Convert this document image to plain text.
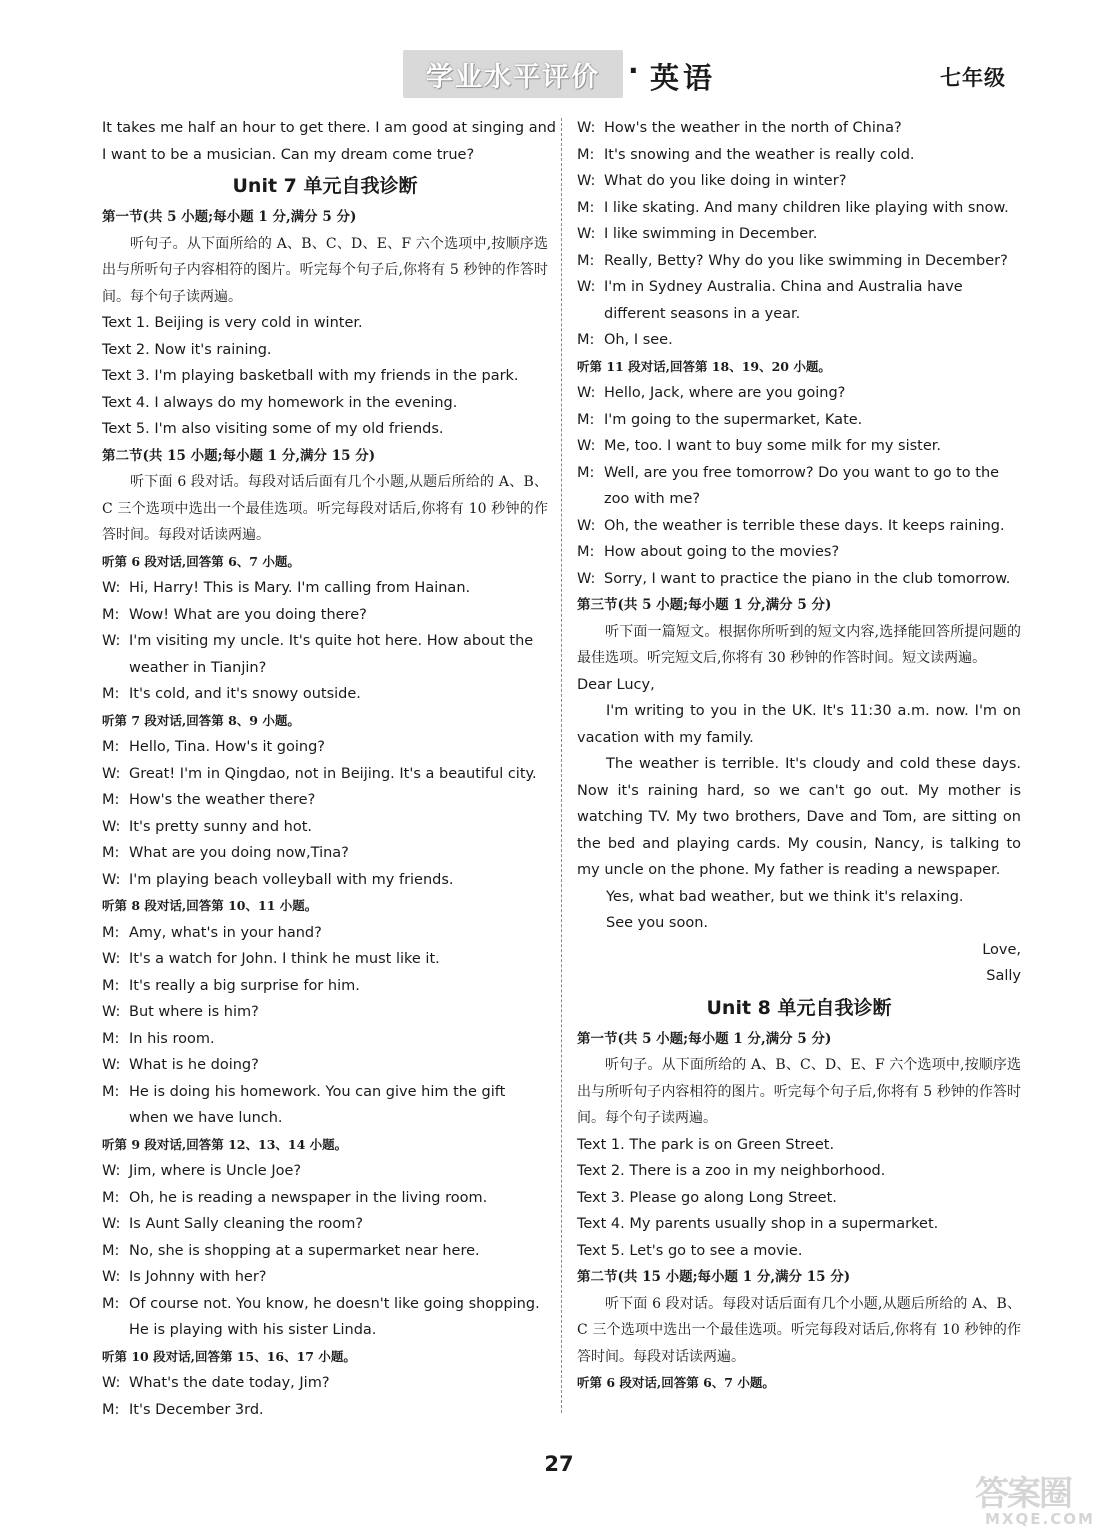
学业水平评价	· 英语	七年级
It takes me half an hour to get there. I am good at singing and
I want to be a musician. Can my dream come true?
Unit 7 单元自我诊断
第一节(共 5 小题;每小题 1 分,满分 5 分)
听句子。从下面所给的 A、B、C、D、E、F 六个选项中,按顺序选出与所听句子内容相符的图片。听完每个句子后,你将有 5 秒钟的作答时间。每个句子读两遍。
Text 1. Beijing is very cold in winter.
Text 2. Now it's raining.
Text 3. I'm playing basketball with my friends in the park.
Text 4. I always do my homework in the evening.
Text 5. I'm also visiting some of my old friends.
第二节(共 15 小题;每小题 1 分,满分 15 分)
听下面 6 段对话。每段对话后面有几个小题,从题后所给的 A、B、C 三个选项中选出一个最佳选项。听完每段对话后,你将有 10 秒钟的作答时间。每段对话读两遍。
听第 6 段对话,回答第 6、7 小题。
W: Hi, Harry! This is Mary. I'm calling from Hainan.
M: Wow! What are you doing there?
W: I'm visiting my uncle. It's quite hot here. How about the weather in Tianjin?
M: It's cold, and it's snowy outside.
听第 7 段对话,回答第 8、9 小题。
M: Hello, Tina. How's it going?
W: Great! I'm in Qingdao, not in Beijing. It's a beautiful city.
M: How's the weather there?
W: It's pretty sunny and hot.
M: What are you doing now,Tina?
W: I'm playing beach volleyball with my friends.
听第 8 段对话,回答第 10、11 小题。
M: Amy, what's in your hand?
W: It's a watch for John. I think he must like it.
M: It's really a big surprise for him.
W: But where is him?
M: In his room.
W: What is he doing?
M: He is doing his homework. You can give him the gift when we have lunch.
听第 9 段对话,回答第 12、13、14 小题。
W: Jim, where is Uncle Joe?
M: Oh, he is reading a newspaper in the living room.
W: Is Aunt Sally cleaning the room?
M: No, she is shopping at a supermarket near here.
W: Is Johnny with her?
M: Of course not. You know, he doesn't like going shopping. He is playing with his sister Linda.
听第 10 段对话,回答第 15、16、17 小题。
W: What's the date today, Jim?
M: It's December 3rd.
W: How's the weather in the north of China?
M: It's snowing and the weather is really cold.
W: What do you like doing in winter?
M: I like skating. And many children like playing with snow.
W: I like swimming in December.
M: Really, Betty? Why do you like swimming in December?
W: I'm in Sydney Australia. China and Australia have different seasons in a year.
M: Oh, I see.
听第 11 段对话,回答第 18、19、20 小题。
W: Hello, Jack, where are you going?
M: I'm going to the supermarket, Kate.
W: Me, too. I want to buy some milk for my sister.
M: Well, are you free tomorrow? Do you want to go to the zoo with me?
W: Oh, the weather is terrible these days. It keeps raining.
M: How about going to the movies?
W: Sorry, I want to practice the piano in the club tomorrow.
第三节(共 5 小题;每小题 1 分,满分 5 分)
听下面一篇短文。根据你所听到的短文内容,选择能回答所提问题的最佳选项。听完短文后,你将有 30 秒钟的作答时间。短文读两遍。
Dear Lucy,
I'm writing to you in the UK. It's 11:30 a.m. now. I'm on vacation with my family.
The weather is terrible. It's cloudy and cold these days. Now it's raining hard, so we can't go out. My mother is watching TV. My two brothers, Dave and Tom, are sitting on the bed and playing cards. My cousin, Nancy, is talking to my uncle on the phone. My father is reading a newspaper.
Yes, what bad weather, but we think it's relaxing.
See you soon.
Love,
Sally
Unit 8 单元自我诊断
第一节(共 5 小题;每小题 1 分,满分 5 分)
听句子。从下面所给的 A、B、C、D、E、F 六个选项中,按顺序选出与所听句子内容相符的图片。听完每个句子后,你将有 5 秒钟的作答时间。每个句子读两遍。
Text 1. The park is on Green Street.
Text 2. There is a zoo in my neighborhood.
Text 3. Please go along Long Street.
Text 4. My parents usually shop in a supermarket.
Text 5. Let's go to see a movie.
第二节(共 15 小题;每小题 1 分,满分 15 分)
听下面 6 段对话。每段对话后面有几个小题,从题后所给的 A、B、C 三个选项中选出一个最佳选项。听完每段对话后,你将有 10 秒钟的作答时间。每段对话读两遍。
听第 6 段对话,回答第 6、7 小题。
27
答案圈
MXQE.COM
